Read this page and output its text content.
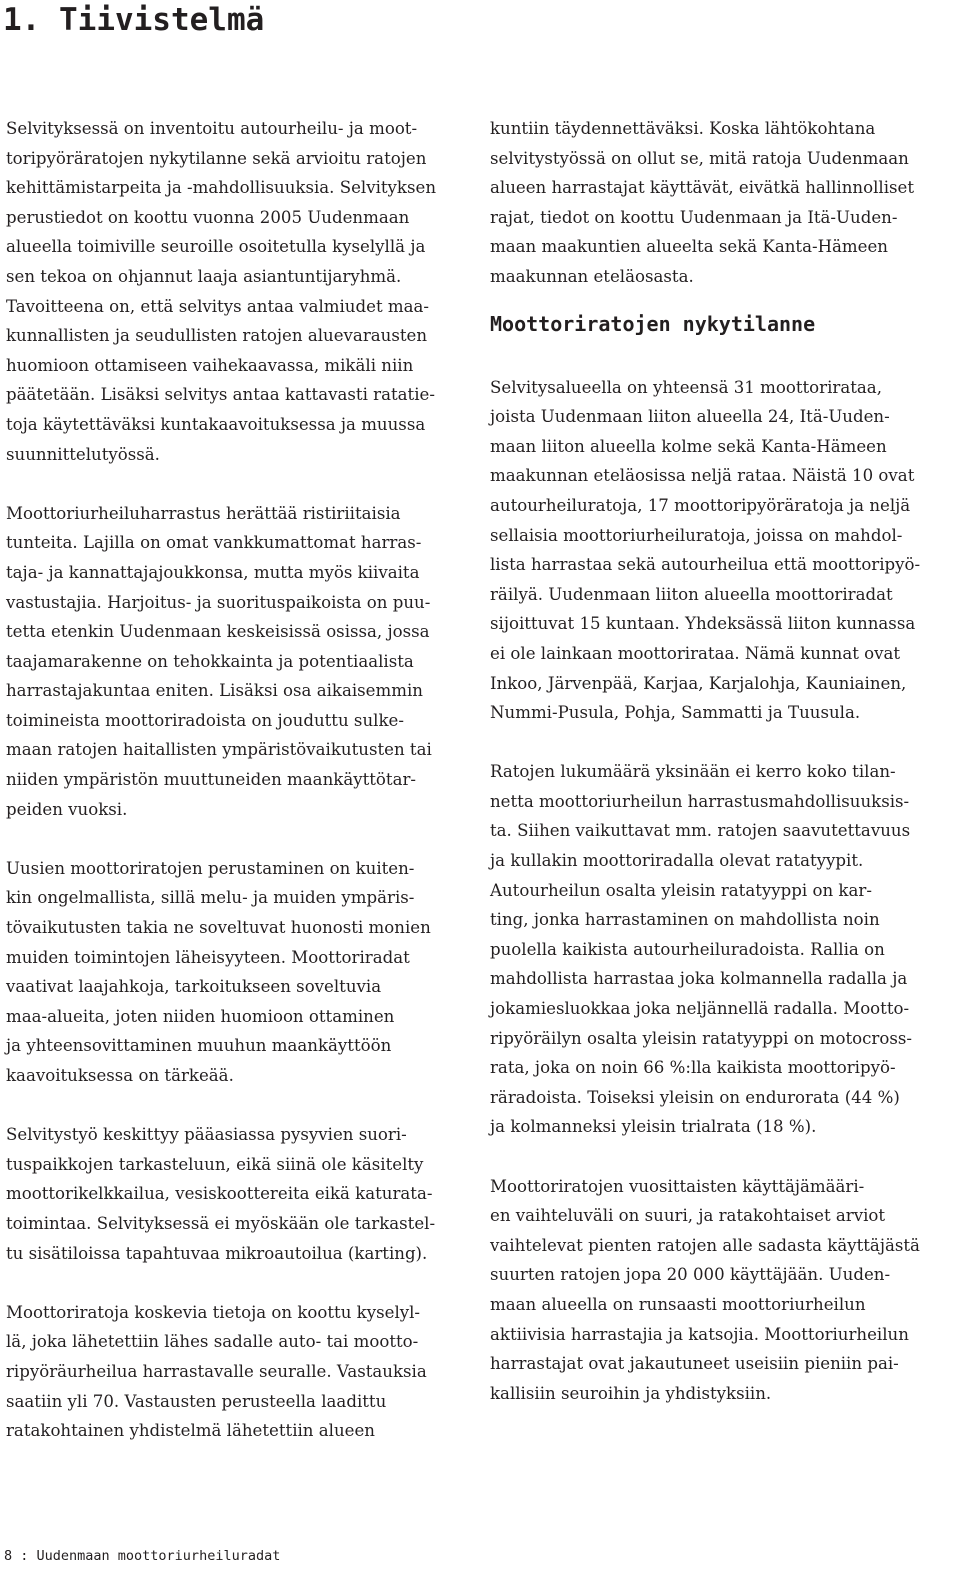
1. Tiivistelmä

Selvityksessä on inventoitu autourheilu- ja moot-
toripyöräratojen nykytilanne sekä arvioitu ratojen
kehittämistarpeita ja -mahdollisuuksia. Selvityksen
perustiedot on koottu vuonna 2005 Uudenmaan
alueella toimiville seuroille osoitetulla kyselyllä ja
sen tekoa on ohjannut laaja asiantuntijaryhmä.
Tavoitteena on, että selvitys antaa valmiudet maa-
kunnallisten ja seudullisten ratojen aluevarausten
huomioon ottamiseen vaihekaavassa, mikäli niin
päätetään. Lisäksi selvitys antaa kattavasti ratatie-
toja käytettäväksi kuntakaavoituksessa ja muussa
suunnittelutyössä.

Moottoriurheiluharrastus herättää ristiriitaisia
tunteita. Lajilla on omat vankkumattomat harras-
taja- ja kannattajajoukkonsa, mutta myös kiivaita
vastustajia. Harjoitus- ja suorituspaikoista on puu-
tetta etenkin Uudenmaan keskeisissä osissa, jossa
taajamarakenne on tehokkainta ja potentiaalista
harrastajakuntaa eniten. Lisäksi osa aikaisemmin
toimineista moottoriradoista on jouduttu sulke-
maan ratojen haitallisten ympäristövaikutusten tai
niiden ympäristön muuttuneiden maankäyttötar-
peiden vuoksi.

Uusien moottoriratojen perustaminen on kuiten-
kin ongelmallista, sillä melu- ja muiden ympäris-
tövaikutusten takia ne soveltuvat huonosti monien
muiden toimintojen läheisyyteen. Moottoriradat
vaativat laajahkoja, tarkoitukseen soveltuvia
maa-alueita, joten niiden huomioon ottaminen
ja yhteensovittaminen muuhun maankäyttöön
kaavoituksessa on tärkeää.

Selvitystyö keskittyy pääasiassa pysyvien suori-
tuspaikkojen tarkasteluun, eikä siinä ole käsitelty
moottorikelkkailua, vesiskoottereita eikä katurata-
toimintaa. Selvityksessä ei myöskään ole tarkastel-
tu sisätiloissa tapahtuvaa mikroautoilua (karting).

Moottoriratoja koskevia tietoja on koottu kyselyl-
lä, joka lähetettiin lähes sadalle auto- tai mootto-
ripyöräurheilua harrastavalle seuralle. Vastauksia
saatiin yli 70. Vastausten perusteella laadittu
ratakohtainen yhdistelmä lähetettiin alueen

kuntiin täydennettäväksi. Koska lähtökohtana
selvitystyössä on ollut se, mitä ratoja Uudenmaan
alueen harrastajat käyttävät, eivätkä hallinnolliset
rajat, tiedot on koottu Uudenmaan ja Itä-Uuden-
maan maakuntien alueelta sekä Kanta-Hämeen
maakunnan eteläosasta.

Moottoriratojen nykytilanne

Selvitysalueella on yhteensä 31 moottorirataa,
joista Uudenmaan liiton alueella 24, Itä-Uuden-
maan liiton alueella kolme sekä Kanta-Hämeen
maakunnan eteläosissa neljä rataa. Näistä 10 ovat
autourheiluratoja, 17 moottoripyöräratoja ja neljä
sellaisia moottoriurheiluratoja, joissa on mahdol-
lista harrastaa sekä autourheilua että moottoripyö-
räilyä. Uudenmaan liiton alueella moottoriradat
sijoittuvat 15 kuntaan. Yhdeksässä liiton kunnassa
ei ole lainkaan moottorirataa. Nämä kunnat ovat
Inkoo, Järvenpää, Karjaa, Karjalohja, Kauniainen,
Nummi-Pusula, Pohja, Sammatti ja Tuusula.

Ratojen lukumäärä yksinään ei kerro koko tilan-
netta moottoriurheilun harrastusmahdollisuuksis-
ta. Siihen vaikuttavat mm. ratojen saavutettavuus
ja kullakin moottoriradalla olevat ratatyypit.
Autourheilun osalta yleisin ratatyyppi on kar-
ting, jonka harrastaminen on mahdollista noin
puolella kaikista autourheiluradoista. Rallia on
mahdollista harrastaa joka kolmannella radalla ja
jokamiesluokkaa joka neljännellä radalla. Mootto-
ripyöräilyn osalta yleisin ratatyyppi on motocross-
rata, joka on noin 66 %:lla kaikista moottoripyö-
räradoista. Toiseksi yleisin on endurorata (44 %)
ja kolmanneksi yleisin trialrata (18 %).

Moottoriratojen vuosittaisten käyttäjämääri-
en vaihteluväli on suuri, ja ratakohtaiset arviot
vaihtelevat pienten ratojen alle sadasta käyttäjästä
suurten ratojen jopa 20 000 käyttäjään. Uuden-
maan alueella on runsaasti moottoriurheilun
aktiivisia harrastajia ja katsojia. Moottoriurheilun
harrastajat ovat jakautuneet useisiin pieniin pai-
kallisiin seuroihin ja yhdistyksiin.

8 : Uudenmaan moottoriurheiluradat
